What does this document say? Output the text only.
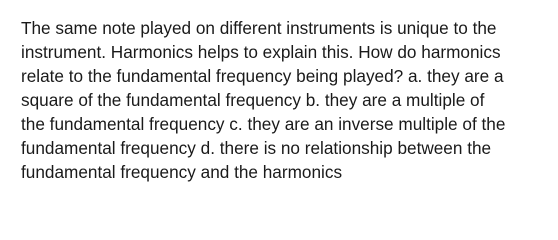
The same note played on different instruments is unique to the
instrument. Harmonics helps to explain this. How do harmonics
relate to the fundamental frequency being played? a. they are a
square of the fundamental frequency b. they are a multiple of
the fundamental frequency c. they are an inverse multiple of the
fundamental frequency d. there is no relationship between the
fundamental frequency and the harmonics
